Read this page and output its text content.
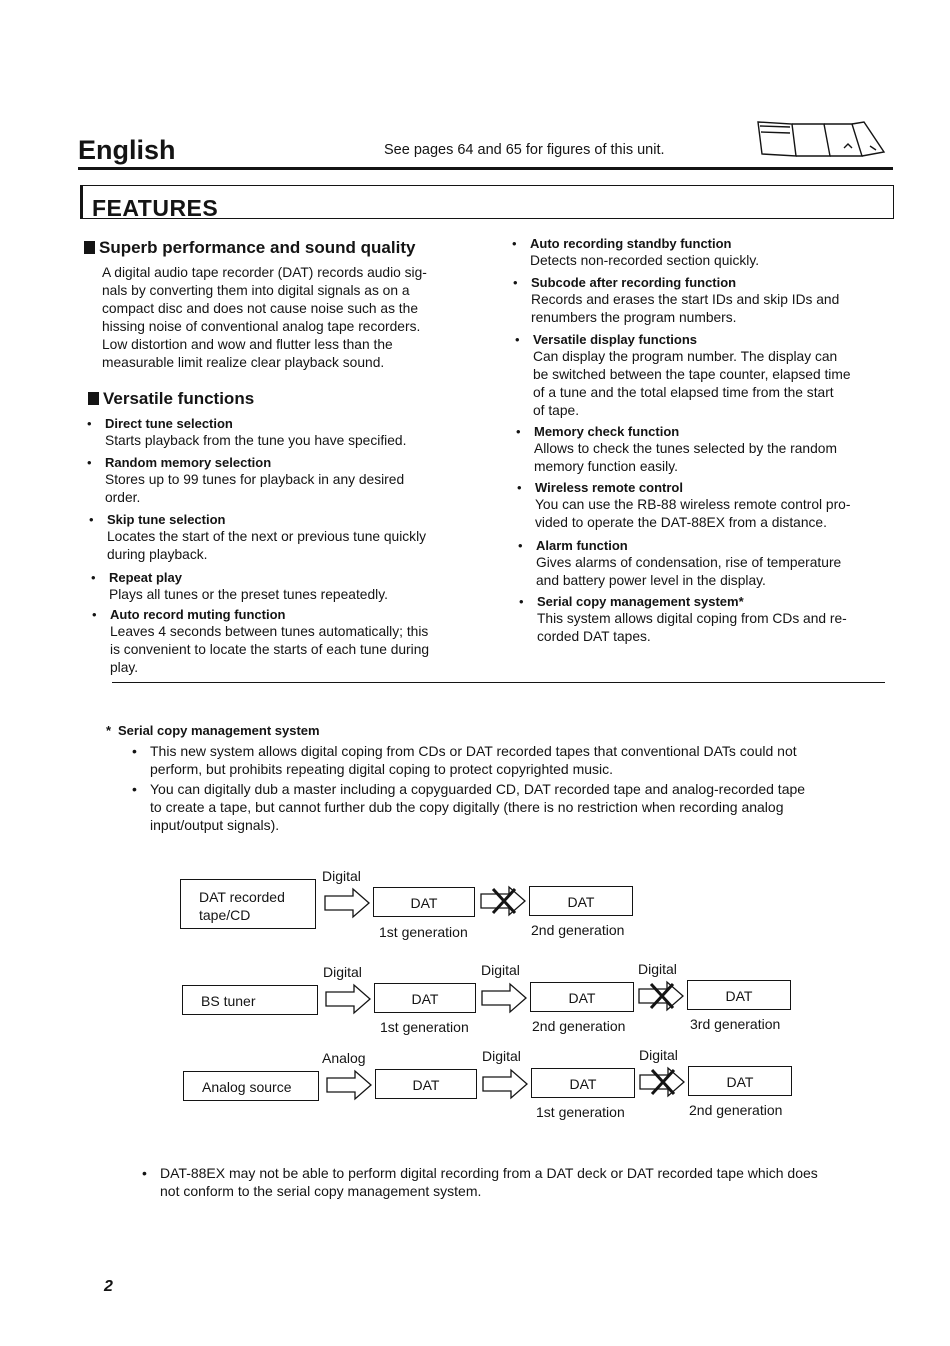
English	See pages 64 and 65 for figures of this unit.
FEATURES
Superb performance and sound quality
A digital audio tape recorder (DAT) records audio sig-
nals by converting them into digital signals as on a
compact disc and does not cause noise such as the
hissing noise of conventional analog tape recorders.
Low distortion and wow and flutter less than the
measurable limit realize clear playback sound.
Versatile functions
• Direct tune selection
Starts playback from the tune you have specified.
• Random memory selection
Stores up to 99 tunes for playback in any desired
order.
• Skip tune selection
Locates the start of the next or previous tune quickly
during playback.
• Repeat play
Plays all tunes or the preset tunes repeatedly.
• Auto record muting function
Leaves 4 seconds between tunes automatically; this
is convenient to locate the starts of each tune during
play.
• Auto recording standby function
Detects non-recorded section quickly.
• Subcode after recording function
Records and erases the start IDs and skip IDs and
renumbers the program numbers.
• Versatile display functions
Can display the program number. The display can
be switched between the tape counter, elapsed time
of a tune and the total elapsed time from the start
of tape.
• Memory check function
Allows to check the tunes selected by the random
memory function easily.
• Wireless remote control
You can use the RB-88 wireless remote control pro-
vided to operate the DAT-88EX from a distance.
• Alarm function
Gives alarms of condensation, rise of temperature
and battery power level in the display.
• Serial copy management system*
This system allows digital coping from CDs and re-
corded DAT tapes.
* Serial copy management system
• This new system allows digital coping from CDs or DAT recorded tapes that conventional DATs could not
perform, but prohibits repeating digital coping to protect copyrighted music.
• You can digitally dub a master including a copyguarded CD, DAT recorded tape and analog-recorded tape
to create a tape, but cannot further dub the copy digitally (there is no restriction when recording analog
input/output signals).
DAT recorded
tape/CD
Digital
DAT
1st generation
DAT
2nd generation
BS tuner
Digital
DAT
1st generation
Digital
DAT
2nd generation
Digital
DAT
3rd generation
Analog source
Analog
DAT
Digital
DAT
1st generation
Digital
DAT
2nd generation
• DAT-88EX may not be able to perform digital recording from a DAT deck or DAT recorded tape which does
not conform to the serial copy management system.
2
